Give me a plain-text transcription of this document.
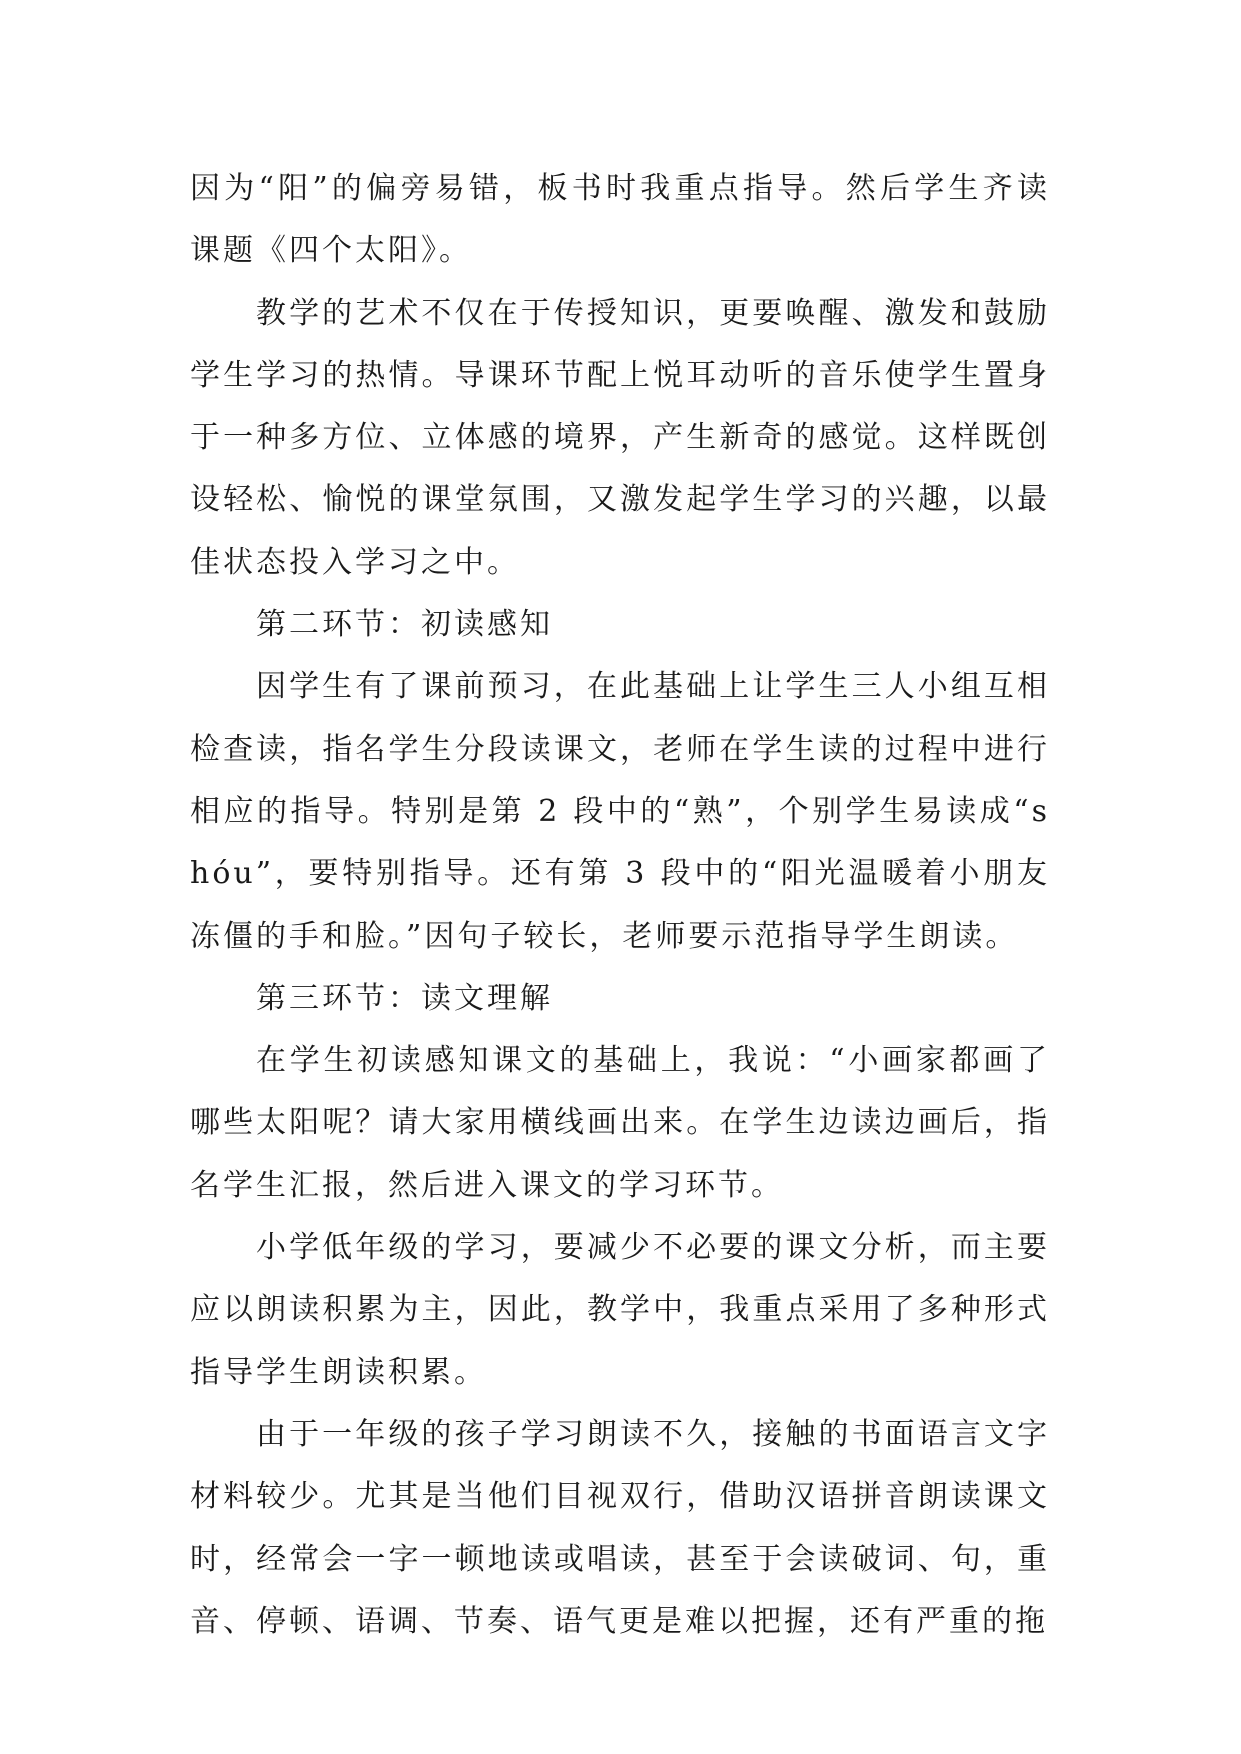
因为“阳”的偏旁易错，板书时我重点指导。然后学生齐读课题《四个太阳》。

教学的艺术不仅在于传授知识，更要唤醒、激发和鼓励学生学习的热情。导课环节配上悦耳动听的音乐使学生置身于一种多方位、立体感的境界，产生新奇的感觉。这样既创设轻松、愉悦的课堂氛围，又激发起学生学习的兴趣，以最佳状态投入学习之中。

第二环节：初读感知

因学生有了课前预习，在此基础上让学生三人小组互相检查读，指名学生分段读课文，老师在学生读的过程中进行相应的指导。特别是第 2 段中的“熟”，个别学生易读成“shóu”，要特别指导。还有第 3 段中的“阳光温暖着小朋友冻僵的手和脸。”因句子较长，老师要示范指导学生朗读。

第三环节：读文理解

在学生初读感知课文的基础上，我说：“小画家都画了哪些太阳呢？请大家用横线画出来。在学生边读边画后，指名学生汇报，然后进入课文的学习环节。

小学低年级的学习，要减少不必要的课文分析，而主要应以朗读积累为主，因此，教学中，我重点采用了多种形式指导学生朗读积累。

由于一年级的孩子学习朗读不久，接触的书面语言文字材料较少。尤其是当他们目视双行，借助汉语拼音朗读课文时，经常会一字一顿地读或唱读，甚至于会读破词、句，重音、停顿、语调、节奏、语气更是难以把握，还有严重的拖
